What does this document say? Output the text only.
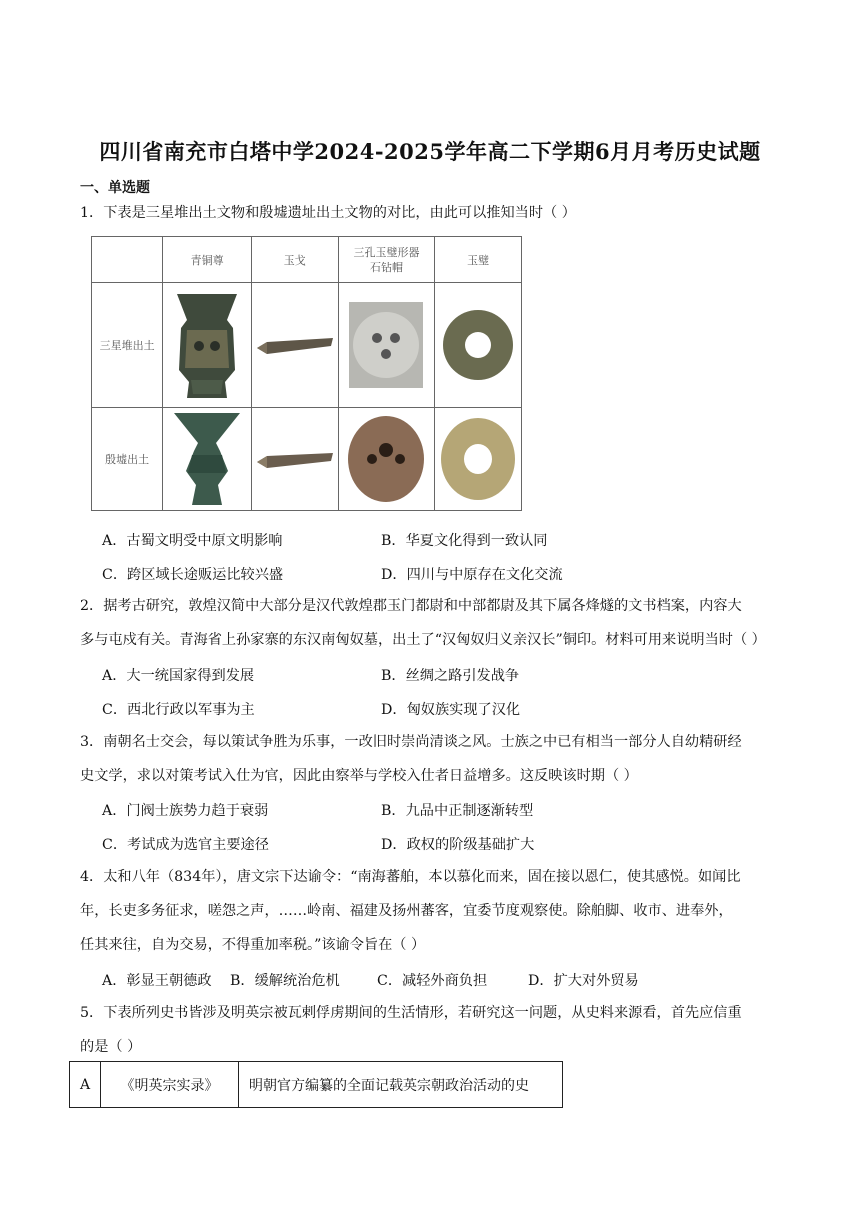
四川省南充市白塔中学2024-2025学年高二下学期6月月考历史试题
一、单选题
1．下表是三星堆出土文物和殷墟遗址出土文物的对比，由此可以推知当时（ ）
	青铜尊	玉戈	三孔玉璧形器
石钻帽	玉璧
三星堆出土	

殷墟出土	

A．古蜀文明受中原文明影响	B．华夏文化得到一致认同
C．跨区域长途贩运比较兴盛	D．四川与中原存在文化交流
2．据考古研究，敦煌汉简中大部分是汉代敦煌郡玉门都尉和中部都尉及其下属各烽燧的文书档案，内容大
多与屯戍有关。青海省上孙家寨的东汉南匈奴墓，出土了“汉匈奴归义亲汉长”铜印。材料可用来说明当时（ ）
A．大一统国家得到发展	B．丝绸之路引发战争
C．西北行政以军事为主	D．匈奴族实现了汉化
3．南朝名士交会，每以策试争胜为乐事，一改旧时崇尚清谈之风。士族之中已有相当一部分人自幼精研经
史文学，求以对策考试入仕为官，因此由察举与学校入仕者日益增多。这反映该时期（ ）
A．门阀士族势力趋于衰弱	B．九品中正制逐渐转型
C．考试成为选官主要途径	D．政权的阶级基础扩大
4．太和八年（834年），唐文宗下达谕令：“南海蕃舶，本以慕化而来，固在接以恩仁，使其感悦。如闻比
年，长吏多务征求，嗟怨之声，……岭南、福建及扬州蕃客，宜委节度观察使。除舶脚、收市、进奉外，
任其来往，自为交易，不得重加率税。”该谕令旨在（ ）
A．彰显王朝德政 B．缓解统治危机	C．减轻外商负担	D．扩大对外贸易
5．下表所列史书皆涉及明英宗被瓦剌俘虏期间的生活情形，若研究这一问题，从史料来源看，首先应信重
的是（ ）
A	《明英宗实录》	明朝官方编纂的全面记载英宗朝政治活动的史
